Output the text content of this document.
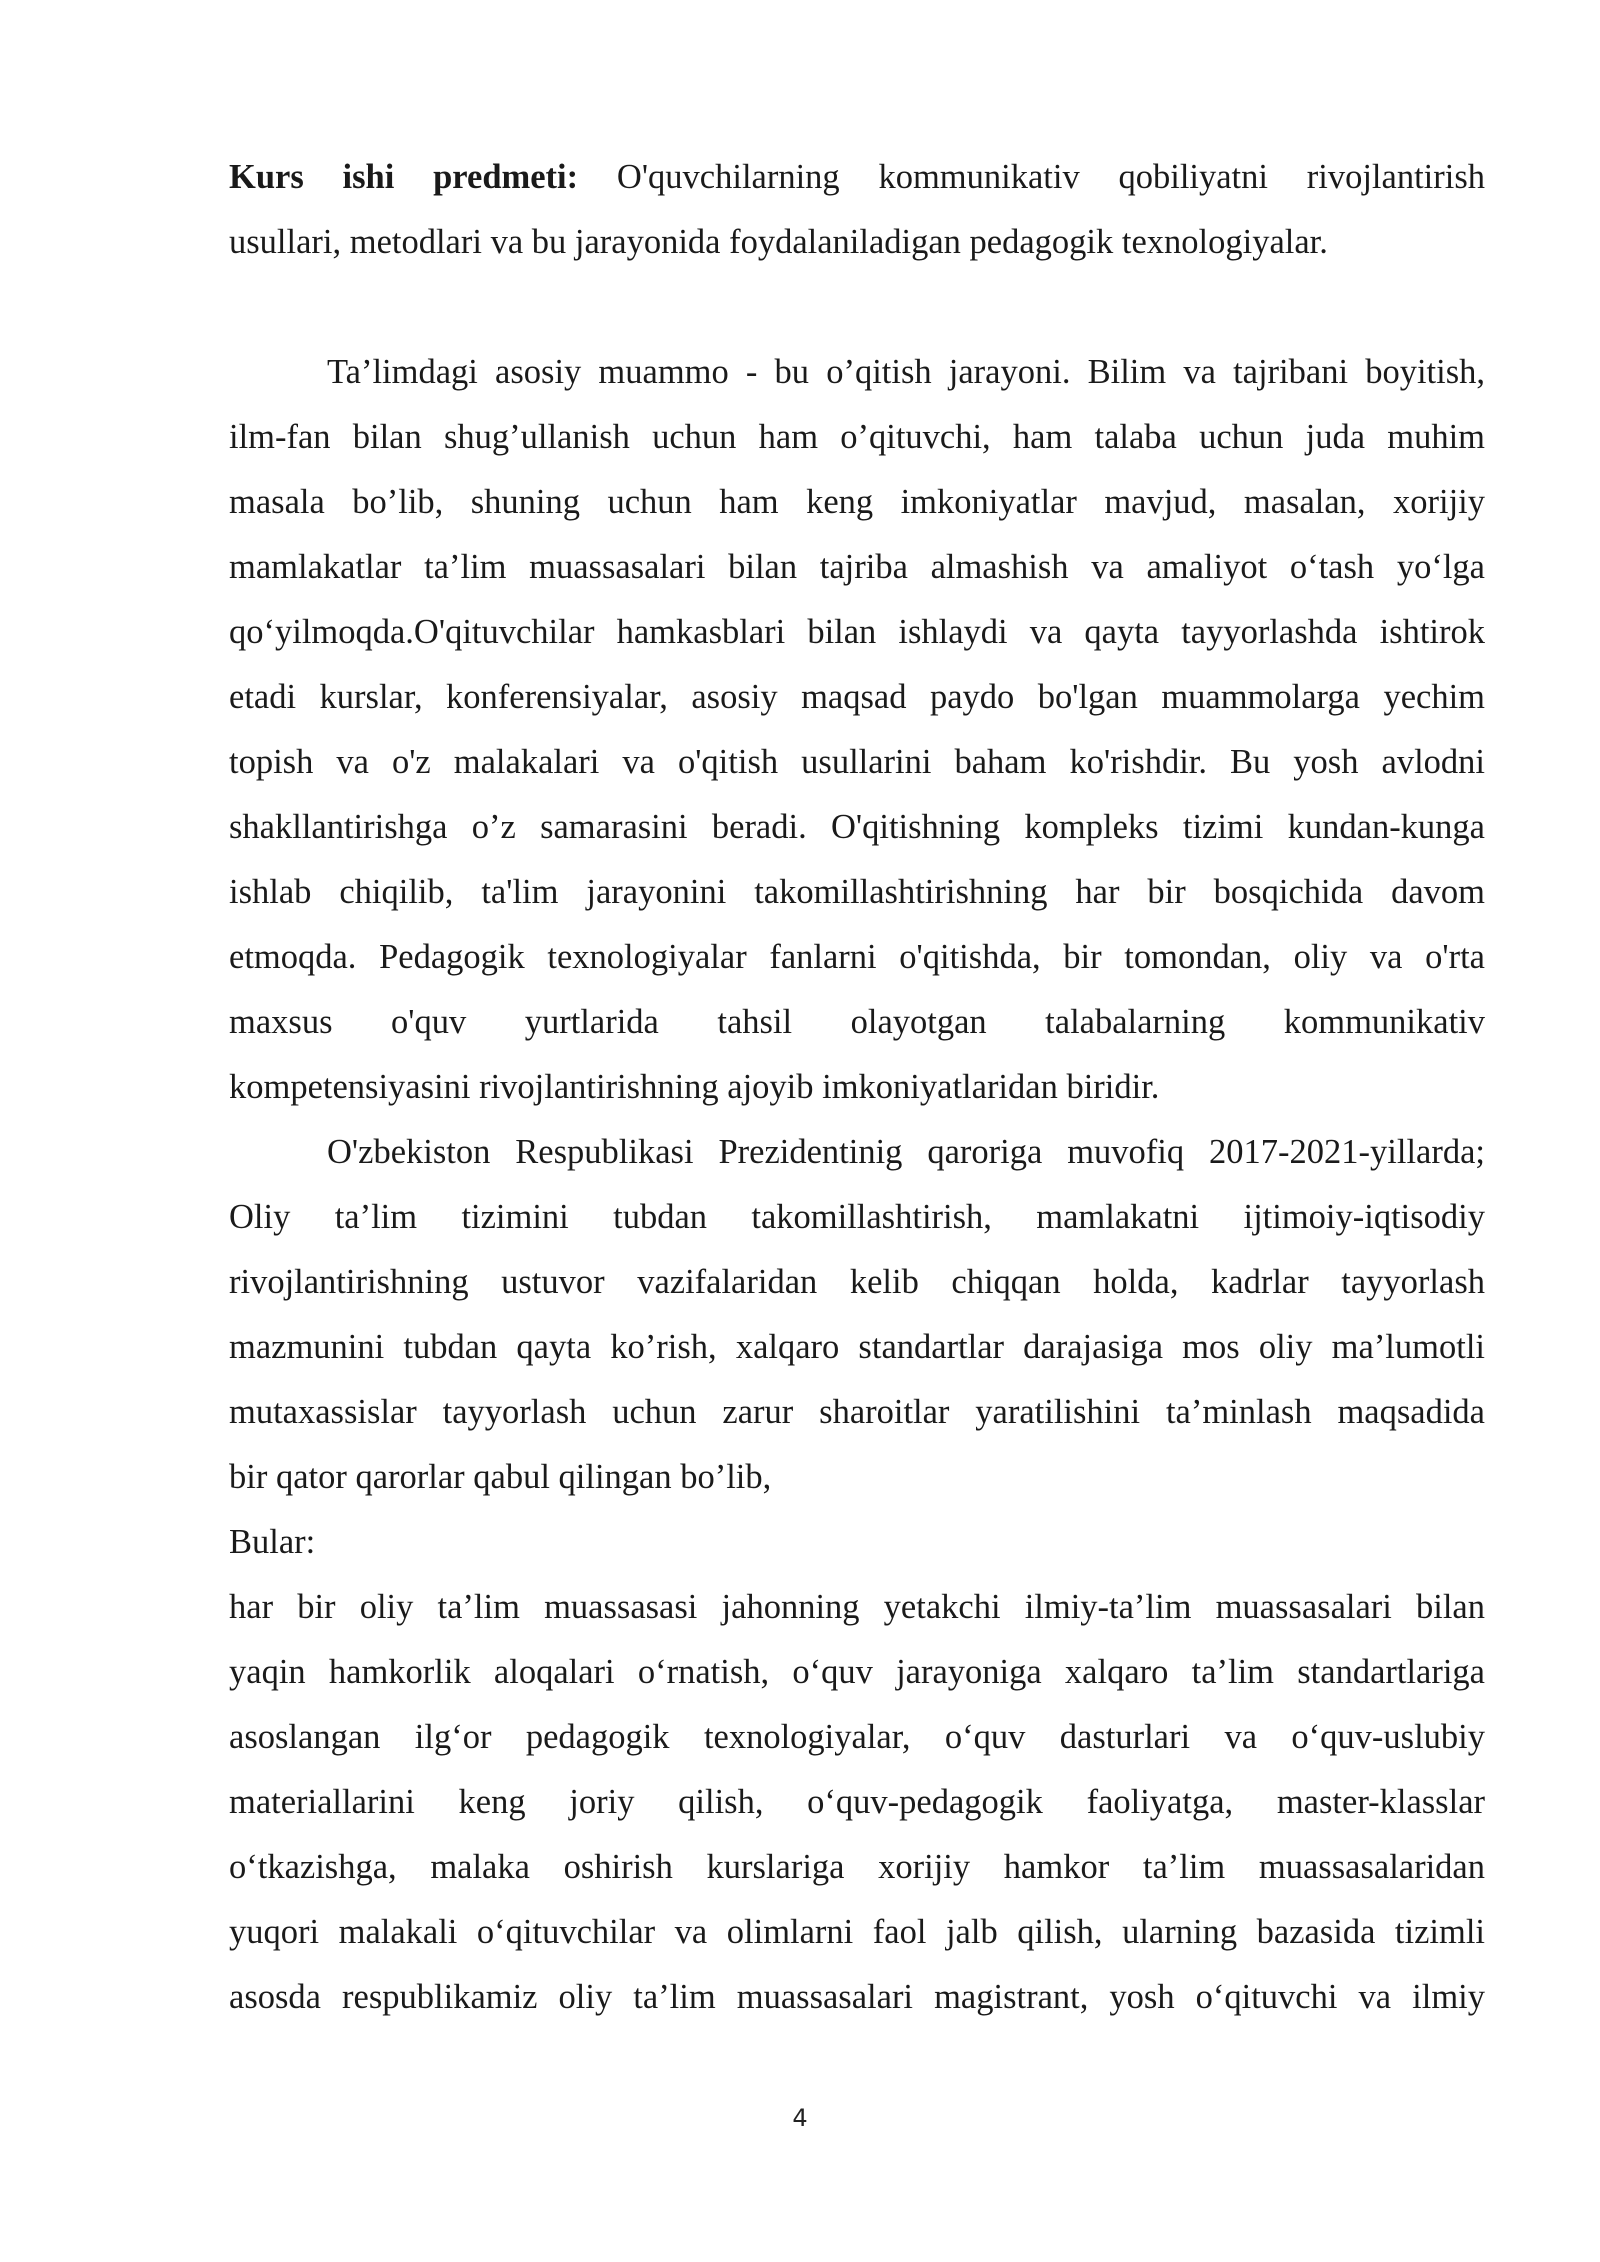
Kurs ishi predmeti: O'quvchilarning kommunikativ qobiliyatni rivojlantirish
usullari, metodlari va bu jarayonida foydalaniladigan pedagogik texnologiyalar.
Ta’limdagi asosiy muammo - bu o’qitish jarayoni. Bilim va tajribani boyitish,
ilm-fan bilan shug’ullanish uchun ham o’qituvchi, ham talaba uchun juda muhim
masala bo’lib, shuning uchun ham keng imkoniyatlar mavjud, masalan, xorijiy
mamlakatlar ta’lim muassasalari bilan tajriba almashish va amaliyot o‘tash yo‘lga
qo‘yilmoqda.O'qituvchilar hamkasblari bilan ishlaydi va qayta tayyorlashda ishtirok
etadi kurslar, konferensiyalar, asosiy maqsad paydo bo'lgan muammolarga yechim
topish va o'z malakalari va o'qitish usullarini baham ko'rishdir. Bu yosh avlodni
shakllantirishga o’z samarasini beradi. O'qitishning kompleks tizimi kundan-kunga
ishlab chiqilib, ta'lim jarayonini takomillashtirishning har bir bosqichida davom
etmoqda. Pedagogik texnologiyalar fanlarni o'qitishda, bir tomondan, oliy va o'rta
maxsus o'quv yurtlarida tahsil olayotgan talabalarning kommunikativ
kompetensiyasini rivojlantirishning ajoyib imkoniyatlaridan biridir.
O'zbekiston Respublikasi Prezidentinig qaroriga muvofiq 2017-2021-yillarda;
Oliy ta’lim tizimini tubdan takomillashtirish, mamlakatni ijtimoiy-iqtisodiy
rivojlantirishning ustuvor vazifalaridan kelib chiqqan holda, kadrlar tayyorlash
mazmunini tubdan qayta ko’rish, xalqaro standartlar darajasiga mos oliy ma’lumotli
mutaxassislar tayyorlash uchun zarur sharoitlar yaratilishini ta’minlash maqsadida
bir qator qarorlar qabul qilingan bo’lib,
Bular:
har bir oliy ta’lim muassasasi jahonning yetakchi ilmiy-ta’lim muassasalari bilan
yaqin hamkorlik aloqalari o‘rnatish, o‘quv jarayoniga xalqaro ta’lim standartlariga
asoslangan ilg‘or pedagogik texnologiyalar, o‘quv dasturlari va o‘quv-uslubiy
materiallarini keng joriy qilish, o‘quv-pedagogik faoliyatga, master-klasslar
o‘tkazishga, malaka oshirish kurslariga xorijiy hamkor ta’lim muassasalaridan
yuqori malakali o‘qituvchilar va olimlarni faol jalb qilish, ularning bazasida tizimli
asosda respublikamiz oliy ta’lim muassasalari magistrant, yosh o‘qituvchi va ilmiy
4
